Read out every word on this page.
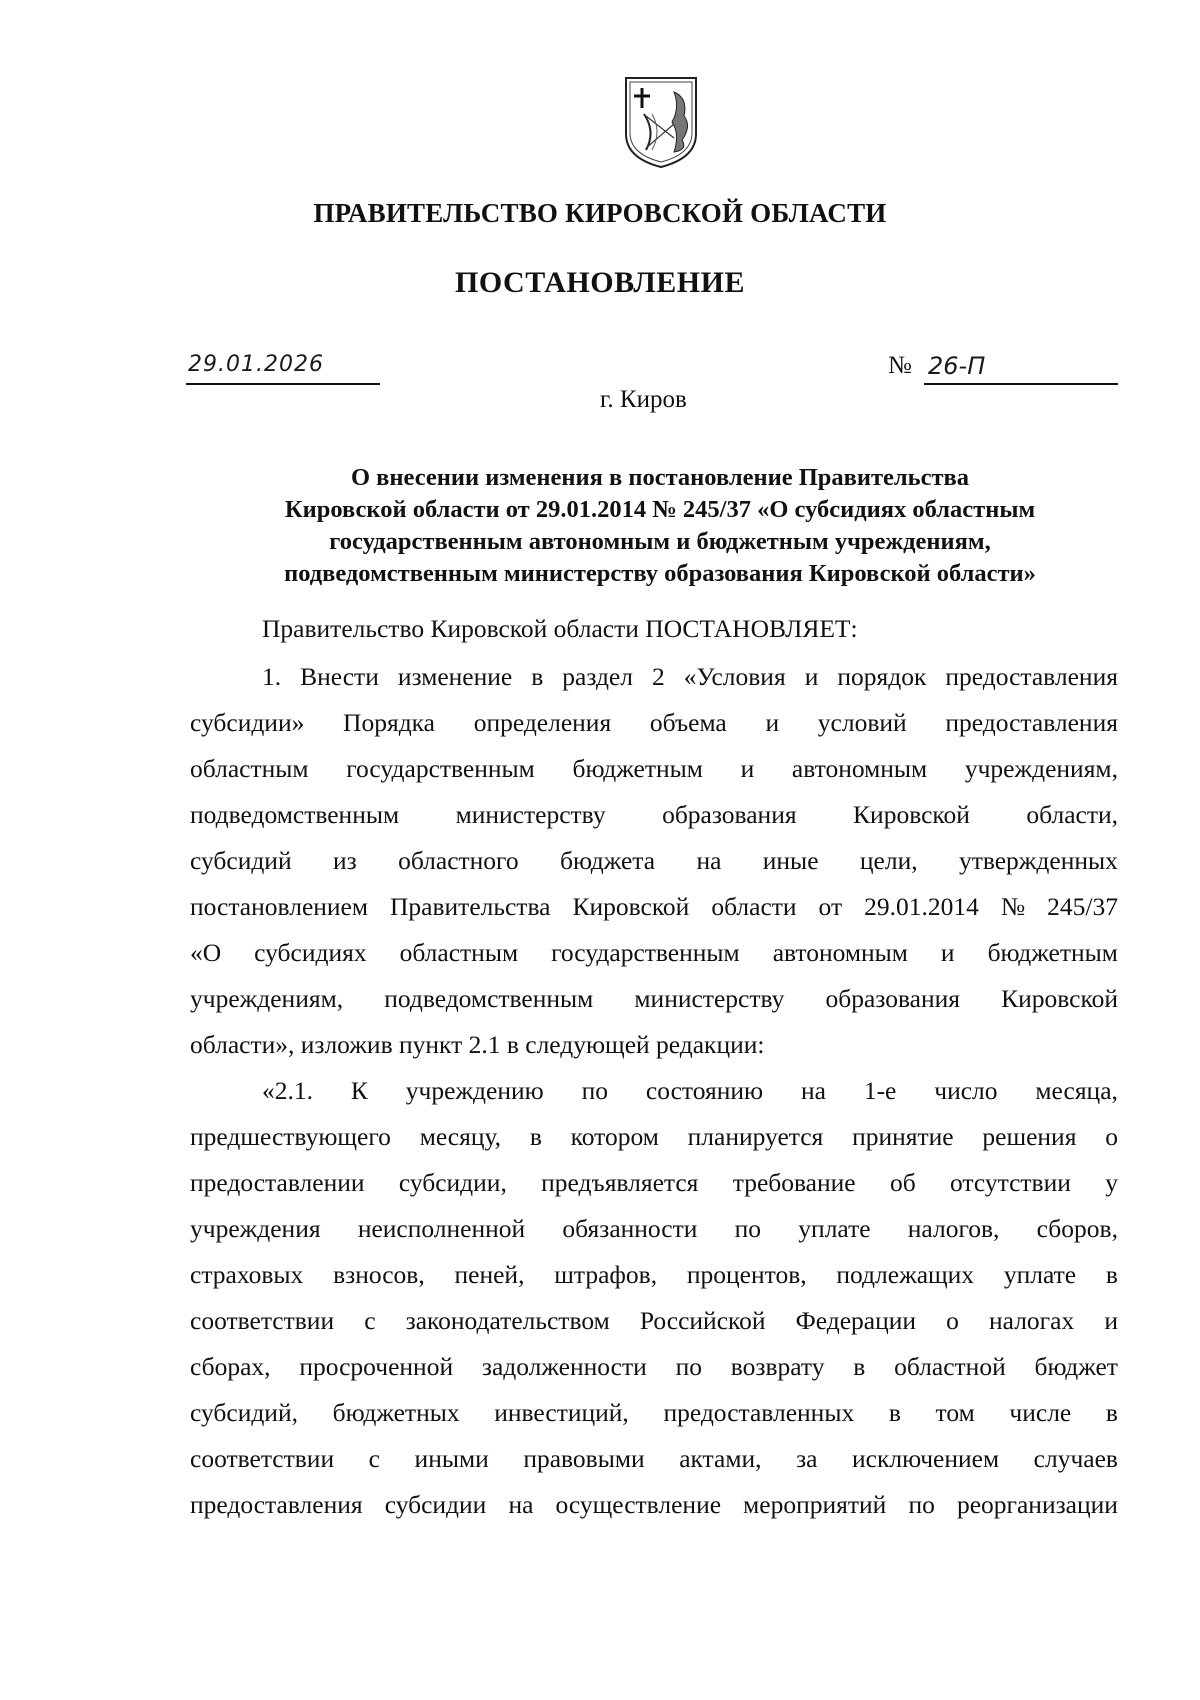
ПРАВИТЕЛЬСТВО КИРОВСКОЙ ОБЛАСТИ
ПОСТАНОВЛЕНИЕ
29.01.2026	№ 26-П
г. Киров
О внесении изменения в постановление Правительства
Кировской области от 29.01.2014 № 245/37 «О субсидиях областным
государственным автономным и бюджетным учреждениям,
подведомственным министерству образования Кировской области»
Правительство Кировской области ПОСТАНОВЛЯЕТ:
1. Внести изменение в раздел 2 «Условия и порядок предоставления
субсидии» Порядка определения объема и условий предоставления
областным государственным бюджетным и автономным учреждениям,
подведомственным министерству образования Кировской области,
субсидий из областного бюджета на иные цели, утвержденных
постановлением Правительства Кировской области от 29.01.2014 № 245/37
«О субсидиях областным государственным автономным и бюджетным
учреждениям, подведомственным министерству образования Кировской
области», изложив пункт 2.1 в следующей редакции:
«2.1. К учреждению по состоянию на 1-е число месяца,
предшествующего месяцу, в котором планируется принятие решения о
предоставлении субсидии, предъявляется требование об отсутствии у
учреждения неисполненной обязанности по уплате налогов, сборов,
страховых взносов, пеней, штрафов, процентов, подлежащих уплате в
соответствии с законодательством Российской Федерации о налогах и
сборах, просроченной задолженности по возврату в областной бюджет
субсидий, бюджетных инвестиций, предоставленных в том числе в
соответствии с иными правовыми актами, за исключением случаев
предоставления субсидии на осуществление мероприятий по реорганизации
